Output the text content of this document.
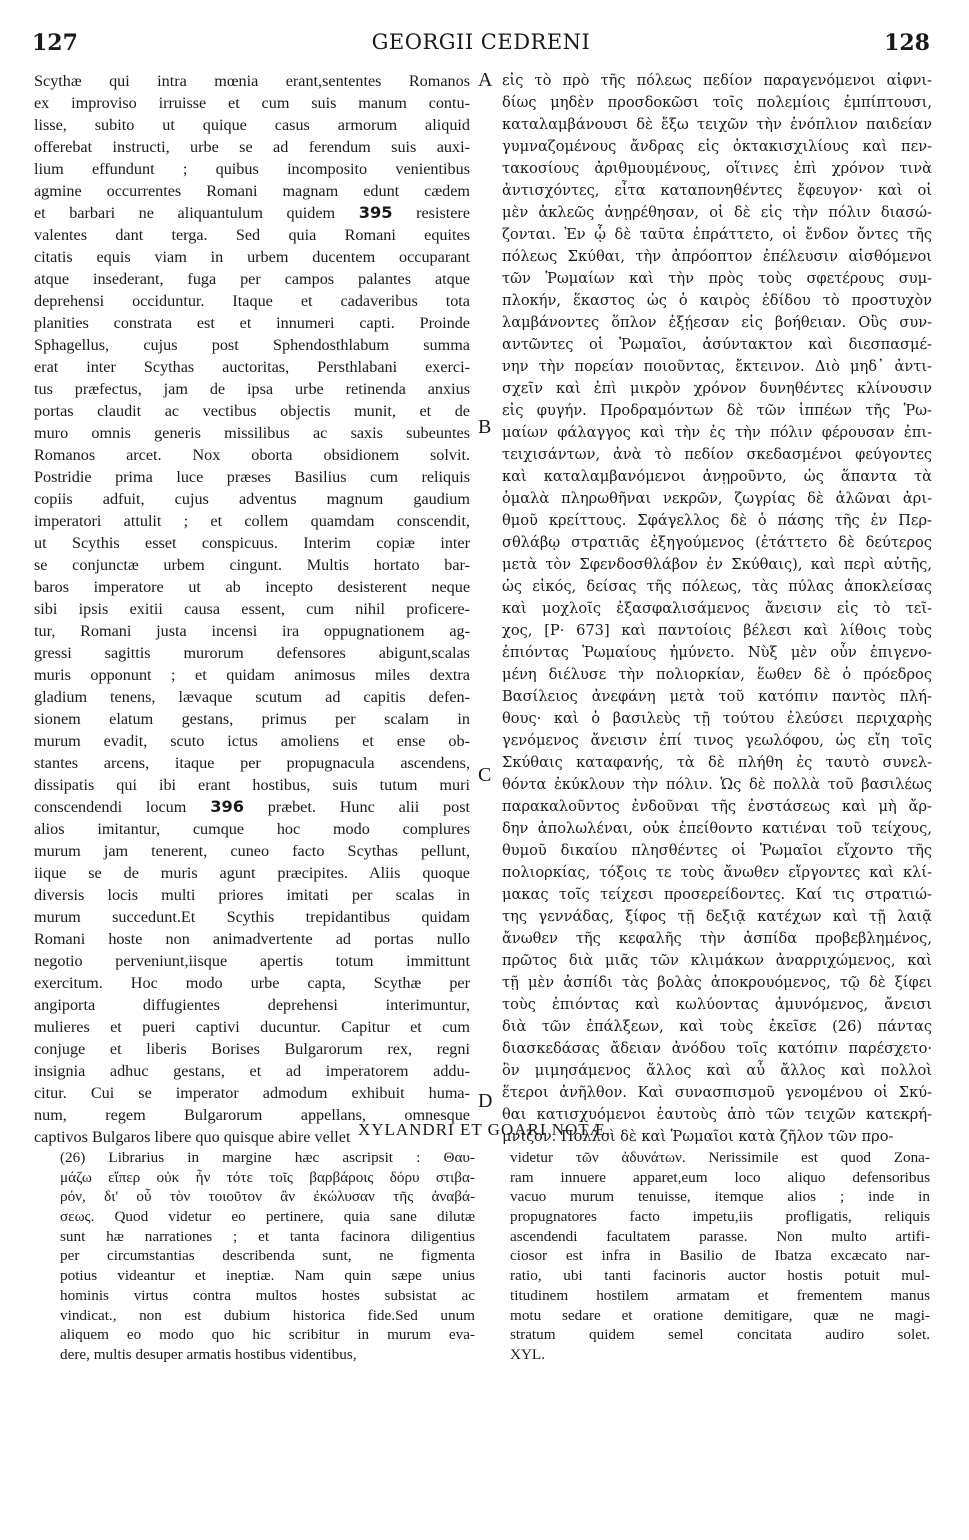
127	GEORGII CEDRENI	128
Scythæ qui intra mœnia erant,sententes Romanos
ex improviso irruisse et cum suis manum contu-
lisse, subito ut quique casus armorum aliquid
offerebat instructi, urbe se ad ferendum suis auxi-
lium effundunt ; quibus incomposito venientibus
agmine occurrentes Romani magnam edunt cædem
et barbari ne aliquantulum quidem 395 resistere
valentes dant terga. Sed quia Romani equites
citatis equis viam in urbem ducentem occuparant
atque insederant, fuga per campos palantes atque
deprehensi occiduntur. Itaque et cadaveribus tota
planities constrata est et innumeri capti. Proinde
Sphagellus, cujus post Sphendosthlabum summa
erat inter Scythas auctoritas, Persthlabani exerci-
tus præfectus, jam de ipsa urbe retinenda anxius
portas claudit ac vectibus objectis munit, et de
muro omnis generis missilibus ac saxis subeuntes
Romanos arcet. Nox oborta obsidionem solvit.
Postridie prima luce præses Basilius cum reliquis
copiis adfuit, cujus adventus magnum gaudium
imperatori attulit ; et collem quamdam conscendit,
ut Scythis esset conspicuus. Interim copiæ inter
se conjunctæ urbem cingunt. Multis hortato bar-
baros imperatore ut ab incepto desisterent neque
sibi ipsis exitii causa essent, cum nihil proficere-
tur, Romani justa incensi ira oppugnationem ag-
gressi sagittis murorum defensores abigunt,scalas
muris opponunt ; et quidam animosus miles dextra
gladium tenens, lævaque scutum ad capitis defen-
sionem elatum gestans, primus per scalam in
murum evadit, scuto ictus amoliens et ense ob-
stantes arcens, itaque per propugnacula ascendens,
dissipatis qui ibi erant hostibus, suis tutum muri
conscendendi locum 396 præbet. Hunc alii post
alios imitantur, cumque hoc modo complures
murum jam tenerent, cuneo facto Scythas pellunt,
iique se de muris agunt præcipites. Aliis quoque
diversis locis multi priores imitati per scalas in
murum succedunt.Et Scythis trepidantibus quidam
Romani hoste non animadvertente ad portas nullo
negotio perveniunt,iisque apertis totum immittunt
exercitum. Hoc modo urbe capta, Scythæ per
angiporta diffugientes deprehensi interimuntur,
mulieres et pueri captivi ducuntur. Capitur et cum
conjuge et liberis Borises Bulgarorum rex, regni
insignia adhuc gestans, et ad imperatorem addu-
citur. Cui se imperator admodum exhibuit huma-
num, regem Bulgarorum appellans, omnesque
captivos Bulgaros libere quo quisque abire vellet
εἰς τὸ πρὸ τῆς πόλεως πεδίον παραγενόμενοι αἰφνι-
δίως μηδὲν προσδοκῶσι τοῖς πολεμίοις ἐμπίπτουσι,
καταλαμβάνουσι δὲ ἔξω τειχῶν τὴν ἐνόπλιον παιδείαν
γυμναζομένους ἄνδρας εἰς ὀκτακισχιλίους καὶ πεν-
τακοσίους ἀριθμουμένους, οἵτινες ἐπὶ χρόνον τινὰ
ἀντισχόντες, εἶτα καταπονηθέντες ἔφευγον· καὶ οἱ
μὲν ἀκλεῶς ἀνῃρέθησαν, οἱ δὲ εἰς τὴν πόλιν διασώ-
ζονται. Ἐν ᾧ δὲ ταῦτα ἐπράττετο, οἱ ἔνδον ὄντες τῆς
πόλεως Σκύθαι, τὴν ἀπρόοπτον ἐπέλευσιν αἰσθόμενοι
τῶν Ῥωμαίων καὶ τὴν πρὸς τοὺς σφετέρους συμ-
πλοκήν, ἕκαστος ὡς ὁ καιρὸς ἐδίδου τὸ προστυχὸν
λαμβάνοντες ὅπλον ἐξῄεσαν εἰς βοήθειαν. Οὓς συν-
αντῶντες οἱ Ῥωμαῖοι, ἀσύντακτον καὶ διεσπασμέ-
νην τὴν πορείαν ποιοῦντας, ἔκτεινον. Διὸ μηδ᾽ ἀντι-
σχεῖν καὶ ἐπὶ μικρὸν χρόνον δυνηθέντες κλίνουσιν
εἰς φυγήν. Προδραμόντων δὲ τῶν ἱππέων τῆς Ῥω-
μαίων φάλαγγος καὶ τὴν ἐς τὴν πόλιν φέρουσαν ἐπι-
τειχισάντων, ἀνὰ τὸ πεδίον σκεδασμένοι φεύγοντες
καὶ καταλαμβανόμενοι ἀνῃροῦντο, ὡς ἅπαντα τὰ
ὁμαλὰ πληρωθῆναι νεκρῶν, ζωγρίας δὲ ἁλῶναι ἀρι-
θμοῦ κρείττους. Σφάγελλος δὲ ὁ πάσης τῆς ἐν Περ-
σθλάβῳ στρατιᾶς ἐξηγούμενος (ἐτάττετο δὲ δεύτερος
μετὰ τὸν Σφενδοσθλάβον ἐν Σκύθαις), καὶ περὶ αὐτῆς,
ὡς εἰκός, δείσας τῆς πόλεως, τὰς πύλας ἀποκλείσας
καὶ μοχλοῖς ἐξασφαλισάμενος ἄνεισιν εἰς τὸ τεῖ-
χος, [P· 673] καὶ παντοίοις βέλεσι καὶ λίθοις τοὺς
ἐπιόντας Ῥωμαίους ἠμύνετο. Νὺξ μὲν οὖν ἐπιγενο-
μένη διέλυσε τὴν πολιορκίαν, ἕωθεν δὲ ὁ πρόεδρος
Βασίλειος ἀνεφάνη μετὰ τοῦ κατόπιν παντὸς πλή-
θους· καὶ ὁ βασιλεὺς τῇ τούτου ἐλεύσει περιχαρὴς
γενόμενος ἄνεισιν ἐπί τινος γεωλόφου, ὡς εἴη τοῖς
Σκύθαις καταφανής, τὰ δὲ πλήθη ἐς ταυτὸ συνελ-
θόντα ἐκύκλουν τὴν πόλιν. Ὡς δὲ πολλὰ τοῦ βασιλέως
παρακαλοῦντος ἐνδοῦναι τῆς ἐνστάσεως καὶ μὴ ἄρ-
δην ἀπολωλέναι, οὐκ ἐπείθοντο κατιέναι τοῦ τείχους,
θυμοῦ δικαίου πλησθέντες οἱ Ῥωμαῖοι εἴχοντο τῆς
πολιορκίας, τόξοις τε τοὺς ἄνωθεν εἴργοντες καὶ κλί-
μακας τοῖς τείχεσι προσερείδοντες. Καί τις στρατιώ-
της γεννάδας, ξίφος τῇ δεξιᾷ κατέχων καὶ τῇ λαιᾷ
ἄνωθεν τῆς κεφαλῆς τὴν ἀσπίδα προβεβλημένος,
πρῶτος διὰ μιᾶς τῶν κλιμάκων ἀναρριχώμενος, καὶ
τῇ μὲν ἀσπίδι τὰς βολὰς ἀποκρουόμενος, τῷ δὲ ξίφει
τοὺς ἐπιόντας καὶ κωλύοντας ἀμυνόμενος, ἄνεισι
διὰ τῶν ἐπάλξεων, καὶ τοὺς ἐκεῖσε (26) πάντας
διασκεδάσας ἄδειαν ἀνόδου τοῖς κατόπιν παρέσχετο·
ὃν μιμησάμενος ἄλλος καὶ αὖ ἄλλος καὶ πολλοὶ
ἕτεροι ἀνῆλθον. Καὶ συνασπισμοῦ γενομένου οἱ Σκύ-
θαι κατισχυόμενοι ἑαυτοὺς ἀπὸ τῶν τειχῶν κατεκρή-
μνιζον. Πολλοὶ δὲ καὶ Ῥωμαῖοι κατὰ ζῆλον τῶν προ-
A
B
C
D
XYLANDRI ET GOARI NOTÆ.
(26) Librarius in margine hæc ascripsit : Θαυ-
μάζω εἴπερ οὐκ ἦν τότε τοῖς βαρβάροις δόρυ στιβα-
ρόν, δι' οὗ τὸν τοιοῦτον ἂν ἐκώλυσαν τῆς ἀναβά-
σεως. Quod videtur eo pertinere, quia sane dilutæ
sunt hæ narrationes ; et tanta facinora diligentius
per circumstantias describenda sunt, ne figmenta
potius videantur et ineptiæ. Nam quin sæpe unius
hominis virtus contra multos hostes subsistat ac
vindicat., non est dubium historica fide.Sed unum
aliquem eo modo quo hic scribitur in murum eva-
dere, multis desuper armatis hostibus videntibus,
videtur τῶν ἀδυνάτων. Nerissimile est quod Zona-
ram innuere apparet,eum loco aliquo defensoribus
vacuo murum tenuisse, itemque alios ; inde in
propugnatores facto impetu,iis profligatis, reliquis
ascendendi facultatem parasse. Non multo artifi-
ciosor est infra in Basilio de Ibatza excæcato nar-
ratio, ubi tanti facinoris auctor hostis potuit mul-
titudinem hostilem armatam et frementem manus
motu sedare et oratione demitigare, quæ ne magi-
stratum quidem semel concitata audiro solet.
XYL.
